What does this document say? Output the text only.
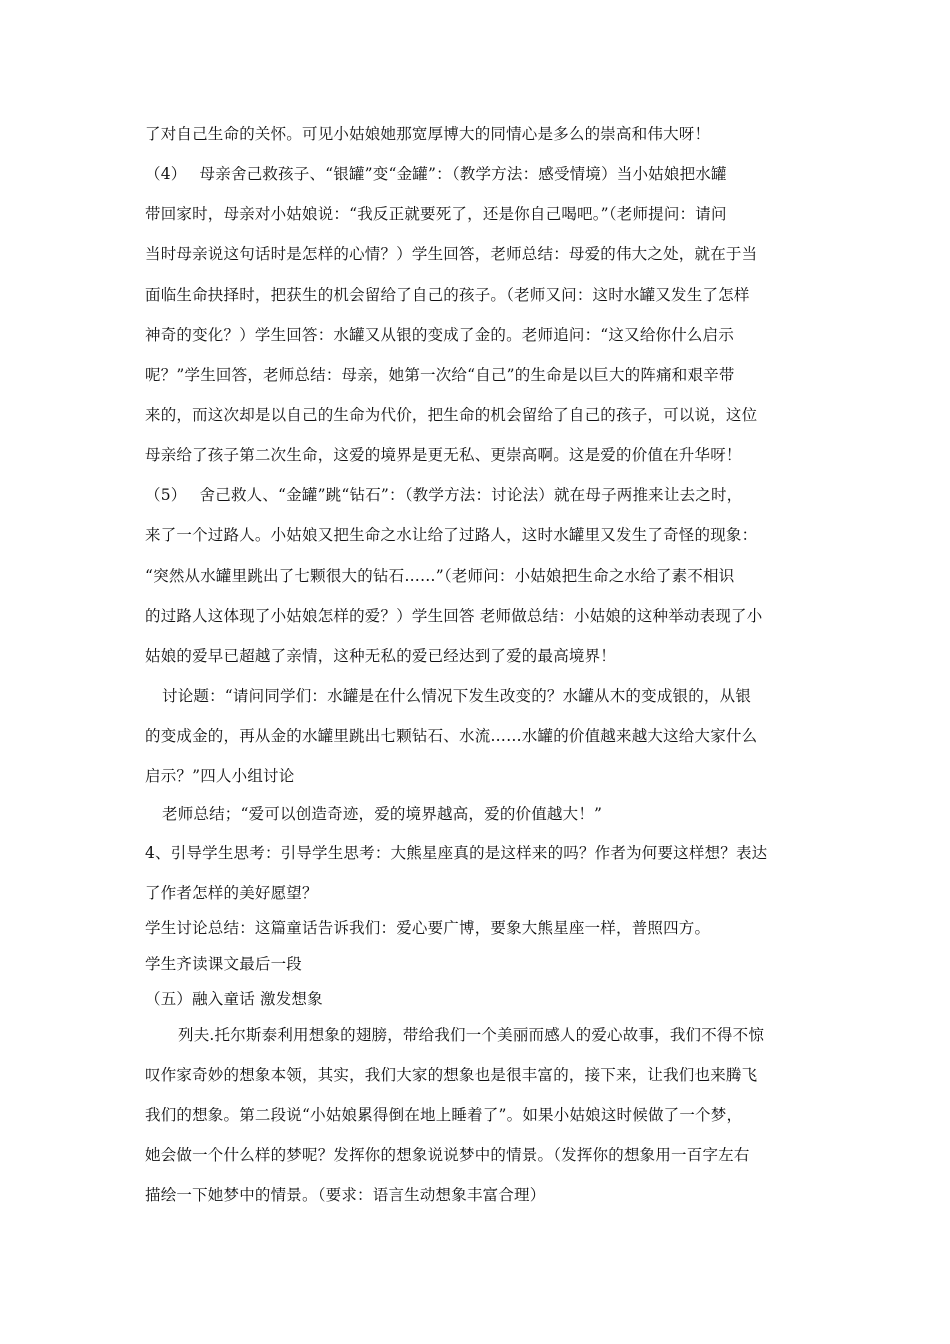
了对自己生命的关怀。可见小姑娘她那宽厚博大的同情心是多么的崇高和伟大呀！
（4）　 母亲舍己救孩子、“银罐”变“金罐”：（教学方法：感受情境）当小姑娘把水罐
带回家时，母亲对小姑娘说：“我反正就要死了，还是你自己喝吧。”（老师提问：请问
当时母亲说这句话时是怎样的心情？）学生回答，老师总结：母爱的伟大之处，就在于当
面临生命抉择时，把获生的机会留给了自己的孩子。（老师又问：这时水罐又发生了怎样
神奇的变化？）学生回答：水罐又从银的变成了金的。老师追问：“这又给你什么启示
呢？”学生回答，老师总结：母亲，她第一次给“自己”的生命是以巨大的阵痛和艰辛带
来的，而这次却是以自己的生命为代价，把生命的机会留给了自己的孩子，可以说，这位
母亲给了孩子第二次生命，这爱的境界是更无私、更崇高啊。这是爱的价值在升华呀！
（5）　 舍己救人、“金罐”跳“钻石”：（教学方法：讨论法）就在母子两推来让去之时，
来了一个过路人。小姑娘又把生命之水让给了过路人，这时水罐里又发生了奇怪的现象：
“突然从水罐里跳出了七颗很大的钻石……”（老师问：小姑娘把生命之水给了素不相识
的过路人这体现了小姑娘怎样的爱？）学生回答 老师做总结：小姑娘的这种举动表现了小
姑娘的爱早已超越了亲情，这种无私的爱已经达到了爱的最高境界！
讨论题：“请问同学们：水罐是在什么情况下发生改变的？水罐从木的变成银的，从银
的变成金的，再从金的水罐里跳出七颗钻石、水流……水罐的价值越来越大这给大家什么
启示？”四人小组讨论
老师总结；“爱可以创造奇迹，爱的境界越高，爱的价值越大！”
4、引导学生思考：引导学生思考：大熊星座真的是这样来的吗？作者为何要这样想？表达
了作者怎样的美好愿望？
学生讨论总结：这篇童话告诉我们：爱心要广博，要象大熊星座一样，普照四方。
学生齐读课文最后一段
（五）融入童话 激发想象
列夫.托尔斯泰利用想象的翅膀，带给我们一个美丽而感人的爱心故事，我们不得不惊
叹作家奇妙的想象本领，其实，我们大家的想象也是很丰富的，接下来，让我们也来腾飞
我们的想象。第二段说“小姑娘累得倒在地上睡着了”。如果小姑娘这时候做了一个梦，
她会做一个什么样的梦呢？发挥你的想象说说梦中的情景。（发挥你的想象用一百字左右
描绘一下她梦中的情景。（要求：语言生动想象丰富合理）
